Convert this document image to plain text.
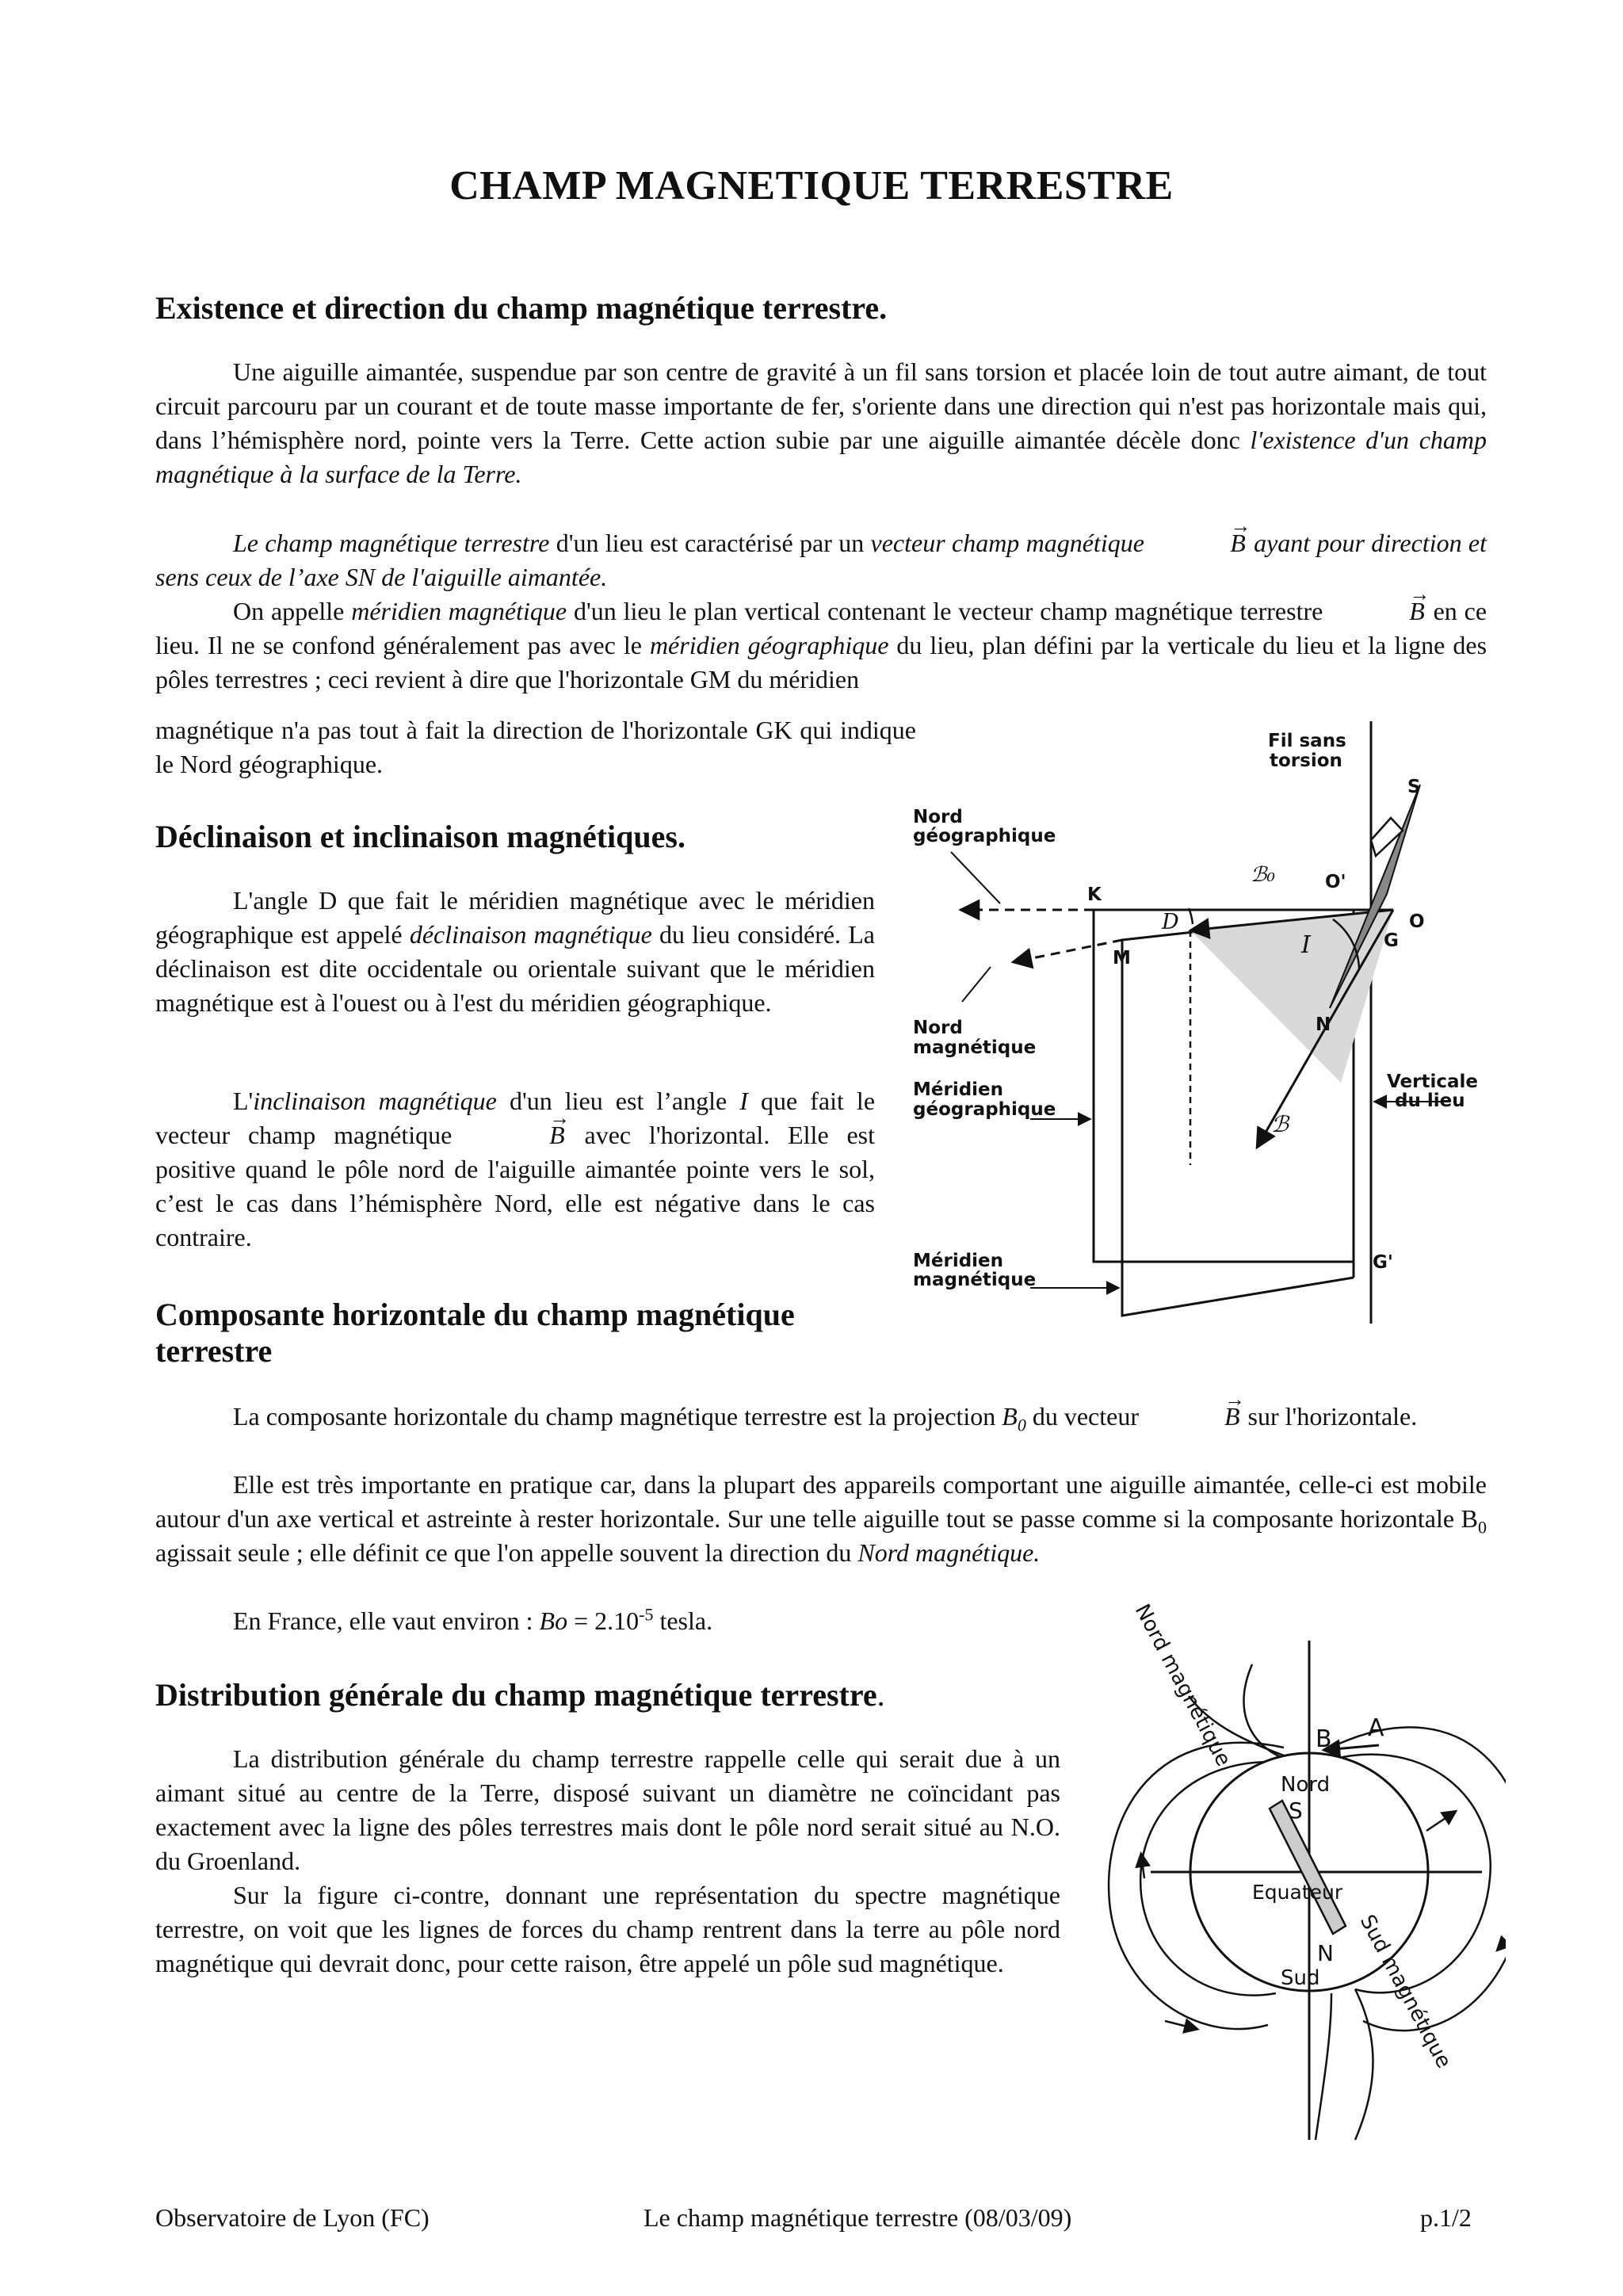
CHAMP MAGNETIQUE TERRESTRE
Existence et direction du champ magnétique terrestre.

Une aiguille aimantée, suspendue par son centre de gravité à un fil sans torsion et placée loin de tout autre aimant, de tout circuit parcouru par un courant et de toute masse importante de fer, s'oriente dans une direction qui n'est pas horizontale mais qui, dans l’hémisphère nord, pointe vers la Terre. Cette action subie par une aiguille aimantée décèle donc l'existence d'un champ magnétique à la surface de la Terre.

Le champ magnétique terrestre d'un lieu est caractérisé par un vecteur champ magnétique	→ B ayant pour direction et sens ceux de l’axe SN de l'aiguille aimantée.

On appelle méridien magnétique d'un lieu le plan vertical contenant le vecteur champ magnétique terrestre	→ B en ce lieu. Il ne se confond généralement pas avec le méridien géographique du lieu, plan défini par la verticale du lieu et la ligne des pôles terrestres ; ceci revient à dire que l'horizontale GM du méridien

magnétique n'a pas tout à fait la direction de l'horizontale GK qui indique le Nord géographique.

Déclinaison et inclinaison magnétiques.

L'angle D que fait le méridien magnétique avec le méridien géographique est appelé déclinaison magnétique du lieu considéré. La déclinaison est dite occidentale ou orientale suivant que le méridien magnétique est à l'ouest ou à l'est du méridien géographique.

L'inclinaison magnétique d'un lieu est l’angle I que fait le vecteur champ magnétique	→ B avec l'horizontal. Elle est positive quand le pôle nord de l'aiguille aimantée pointe vers le sol, c’est le cas dans l’hémisphère Nord, elle est négative dans le cas contraire.

Fil sans
torsion
S
Nord
géographique
K
ℬ₀	O'
O
D
I	G
M
N
Nord
magnétique
Verticale
du lieu
Méridien
géographique
ℬ
Méridien
magnétique
G'
Composante horizontale du champ magnétique terrestre

La composante horizontale du champ magnétique terrestre est la projection $B_0$ du vecteur	→ B sur l'horizontale.

Elle est très importante en pratique car, dans la plupart des appareils comportant une aiguille aimantée, celle-ci est mobile autour d'un axe vertical et astreinte à rester horizontale. Sur une telle aiguille tout se passe comme si la composante horizontale $B_0$ agissait seule ; elle définit ce que l'on appelle souvent la direction du Nord magnétique.

En France, elle vaut environ : $Bo = 2.10^{-5}$ tesla.

Distribution générale du champ magnétique terrestre.

La distribution générale du champ terrestre rappelle celle qui serait due à un aimant situé au centre de la Terre, disposé suivant un diamètre ne coïncidant pas exactement avec la ligne des pôles terrestres mais dont le pôle nord serait situé au N.O. du Groenland.

Sur la figure ci-contre, donnant une représentation du spectre magnétique terrestre, on voit que les lignes de forces du champ rentrent dans la terre au pôle nord magnétique qui devrait donc, pour cette raison, être appelé un pôle sud magnétique.

Nord magnétique
Sud magnétique
B A
Nord
S
Equateur
N
Sud
Observatoire de Lyon (FC)	Le champ magnétique terrestre (08/03/09)	p.1/2
